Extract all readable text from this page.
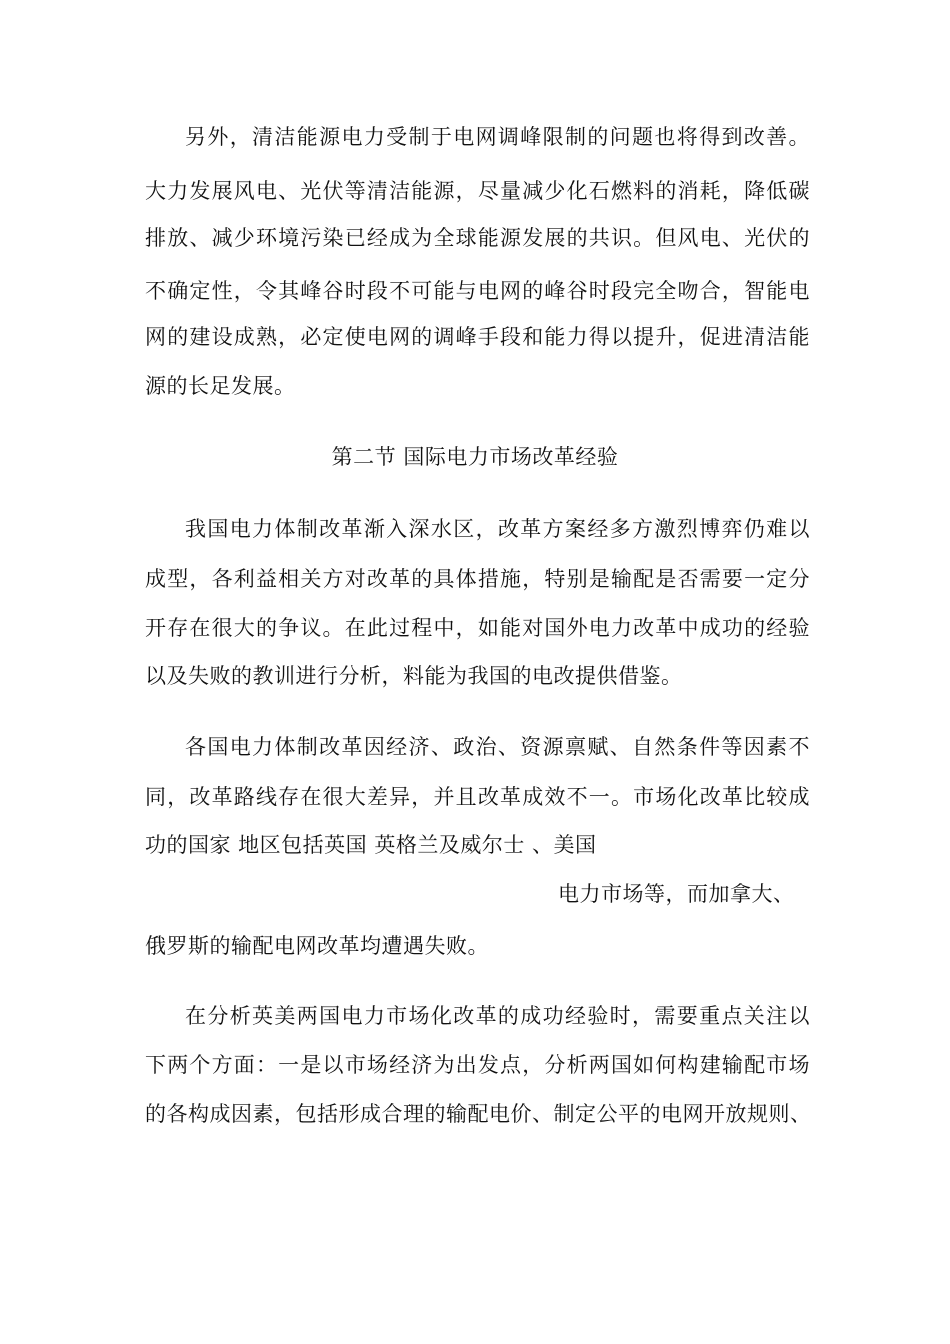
另外，清洁能源电力受制于电网调峰限制的问题也将得到改善。
大力发展风电、光伏等清洁能源，尽量减少化石燃料的消耗，降低碳
排放、减少环境污染已经成为全球能源发展的共识。但风电、光伏的
不确定性，令其峰谷时段不可能与电网的峰谷时段完全吻合，智能电
网的建设成熟，必定使电网的调峰手段和能力得以提升，促进清洁能
源的长足发展。
第二节 国际电力市场改革经验
我国电力体制改革渐入深水区，改革方案经多方激烈博弈仍难以
成型，各利益相关方对改革的具体措施，特别是输配是否需要一定分
开存在很大的争议。在此过程中，如能对国外电力改革中成功的经验
以及失败的教训进行分析，料能为我国的电改提供借鉴。
各国电力体制改革因经济、政治、资源禀赋、自然条件等因素不
同，改革路线存在很大差异，并且改革成效不一。市场化改革比较成
功的国家 地区包括英国 英格兰及威尔士 、美国
电力市场等，而加拿大、
俄罗斯的输配电网改革均遭遇失败。
在分析英美两国电力市场化改革的成功经验时，需要重点关注以
下两个方面：一是以市场经济为出发点，分析两国如何构建输配市场
的各构成因素，包括形成合理的输配电价、制定公平的电网开放规则、
